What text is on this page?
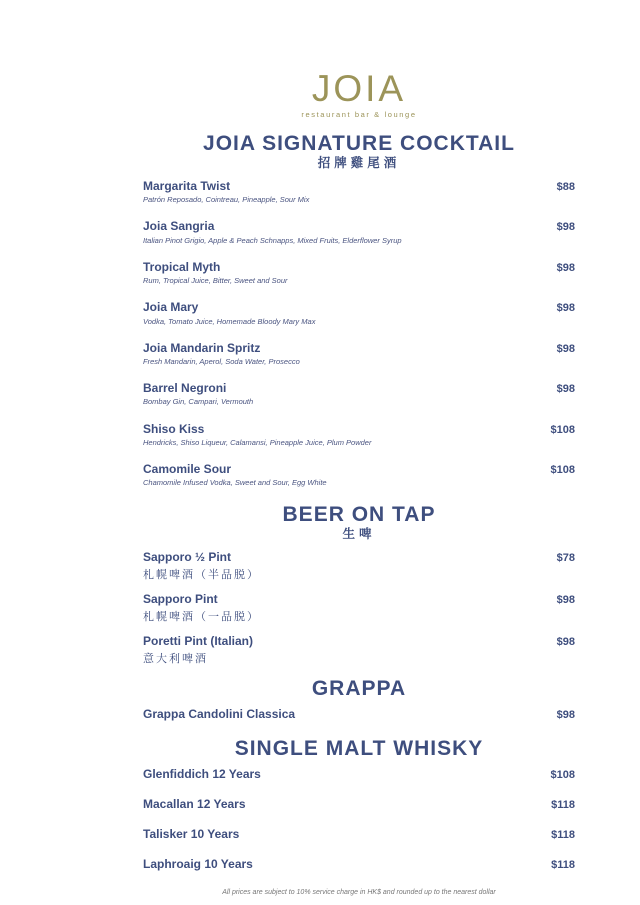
JOIA
restaurant bar & lounge
JOIA SIGNATURE COCKTAIL
招牌雞尾酒
Margarita Twist
Patrón Reposado, Cointreau, Pineapple, Sour Mix
$88
Joia Sangria
Italian Pinot Grigio, Apple & Peach Schnapps, Mixed Fruits, Elderflower Syrup
$98
Tropical Myth
Rum, Tropical Juice, Bitter, Sweet and Sour
$98
Joia Mary
Vodka, Tomato Juice, Homemade Bloody Mary Max
$98
Joia Mandarin Spritz
Fresh Mandarin, Aperol, Soda Water, Prosecco
$98
Barrel Negroni
Bombay Gin, Campari, Vermouth
$98
Shiso Kiss
Hendricks, Shiso Liqueur, Calamansi, Pineapple Juice, Plum Powder
$108
Camomile Sour
Chamomile Infused Vodka, Sweet and Sour, Egg White
$108
BEER ON TAP
生啤
Sapporo ½ Pint
札幌啤酒（半品脱）
$78
Sapporo Pint
札幌啤酒（一品脱）
$98
Poretti Pint (Italian)
意大利啤酒
$98
GRAPPA
Grappa Candolini Classica	$98
SINGLE MALT WHISKY
Glenfiddich 12 Years	$108
Macallan 12 Years	$118
Talisker 10 Years	$118
Laphroaig 10 Years	$118
All prices are subject to 10% service charge in HK$ and rounded up to the nearest dollar
